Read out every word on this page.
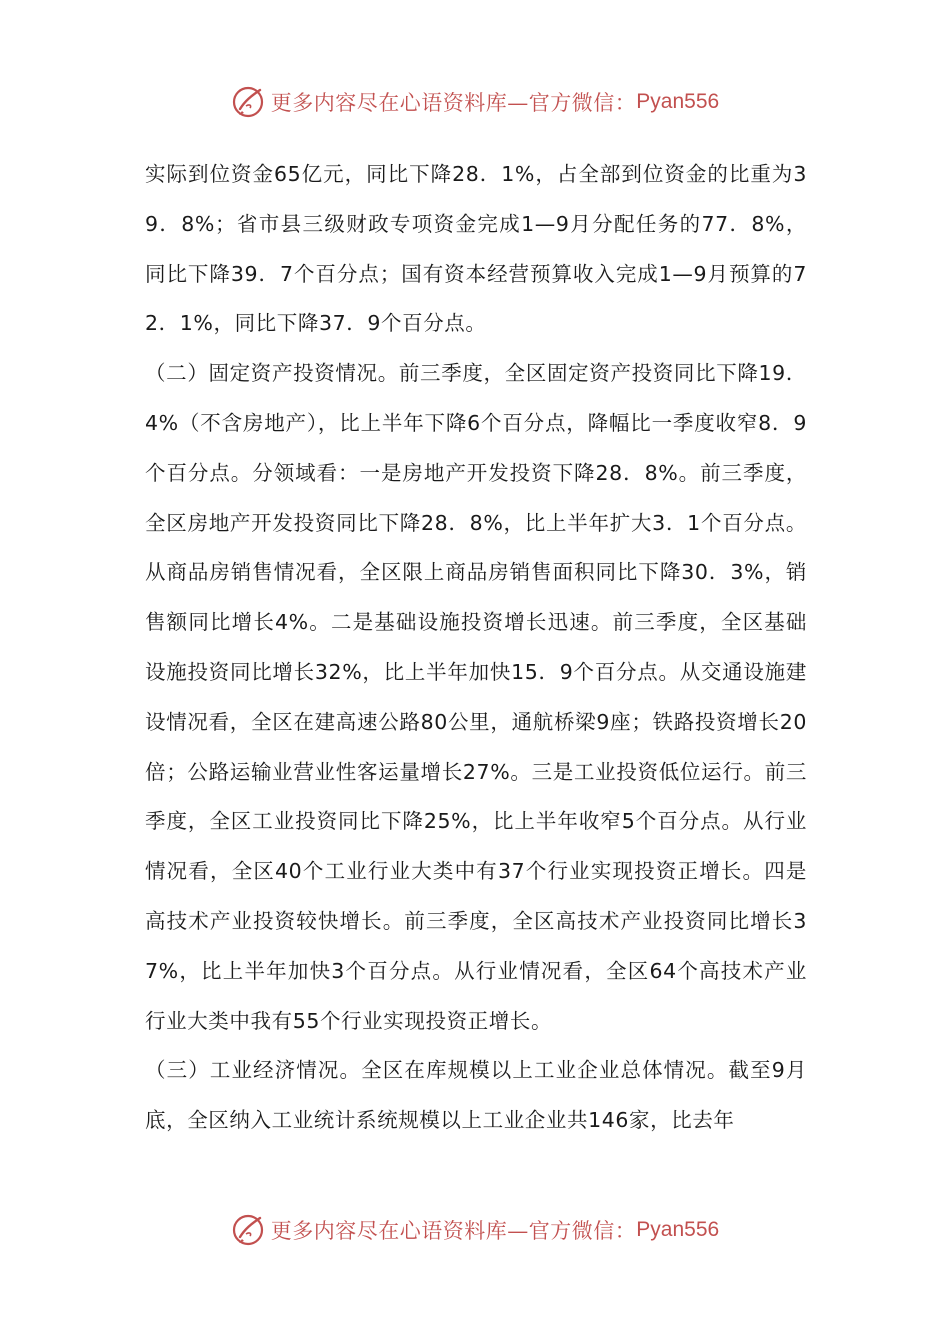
更多内容尽在心语资料库—官方微信： Pyan556

实际到位资金65亿元，同比下降28．1%，占全部到位资金的比重为39．8%；省市县三级财政专项资金完成1—9月分配任务的77．8%，同比下降39．7个百分点；国有资本经营预算收入完成1—9月预算的72．1%，同比下降37．9个百分点。

（二）固定资产投资情况。前三季度，全区固定资产投资同比下降19．4%（不含房地产），比上半年下降6个百分点，降幅比一季度收窄8．9个百分点。分领域看：一是房地产开发投资下降28．8%。前三季度，全区房地产开发投资同比下降28．8%，比上半年扩大3．1个百分点。从商品房销售情况看，全区限上商品房销售面积同比下降30．3%，销售额同比增长4%。二是基础设施投资增长迅速。前三季度，全区基础设施投资同比增长32%，比上半年加快15．9个百分点。从交通设施建设情况看，全区在建高速公路80公里，通航桥梁9座；铁路投资增长20倍；公路运输业营业性客运量增长27%。三是工业投资低位运行。前三季度，全区工业投资同比下降25%，比上半年收窄5个百分点。从行业情况看，全区40个工业行业大类中有37个行业实现投资正增长。四是高技术产业投资较快增长。前三季度，全区高技术产业投资同比增长37%，比上半年加快3个百分点。从行业情况看，全区64个高技术产业行业大类中我有55个行业实现投资正增长。

（三）工业经济情况。全区在库规模以上工业企业总体情况。截至9月底，全区纳入工业统计系统规模以上工业企业共146家，比去年

更多内容尽在心语资料库—官方微信： Pyan556
